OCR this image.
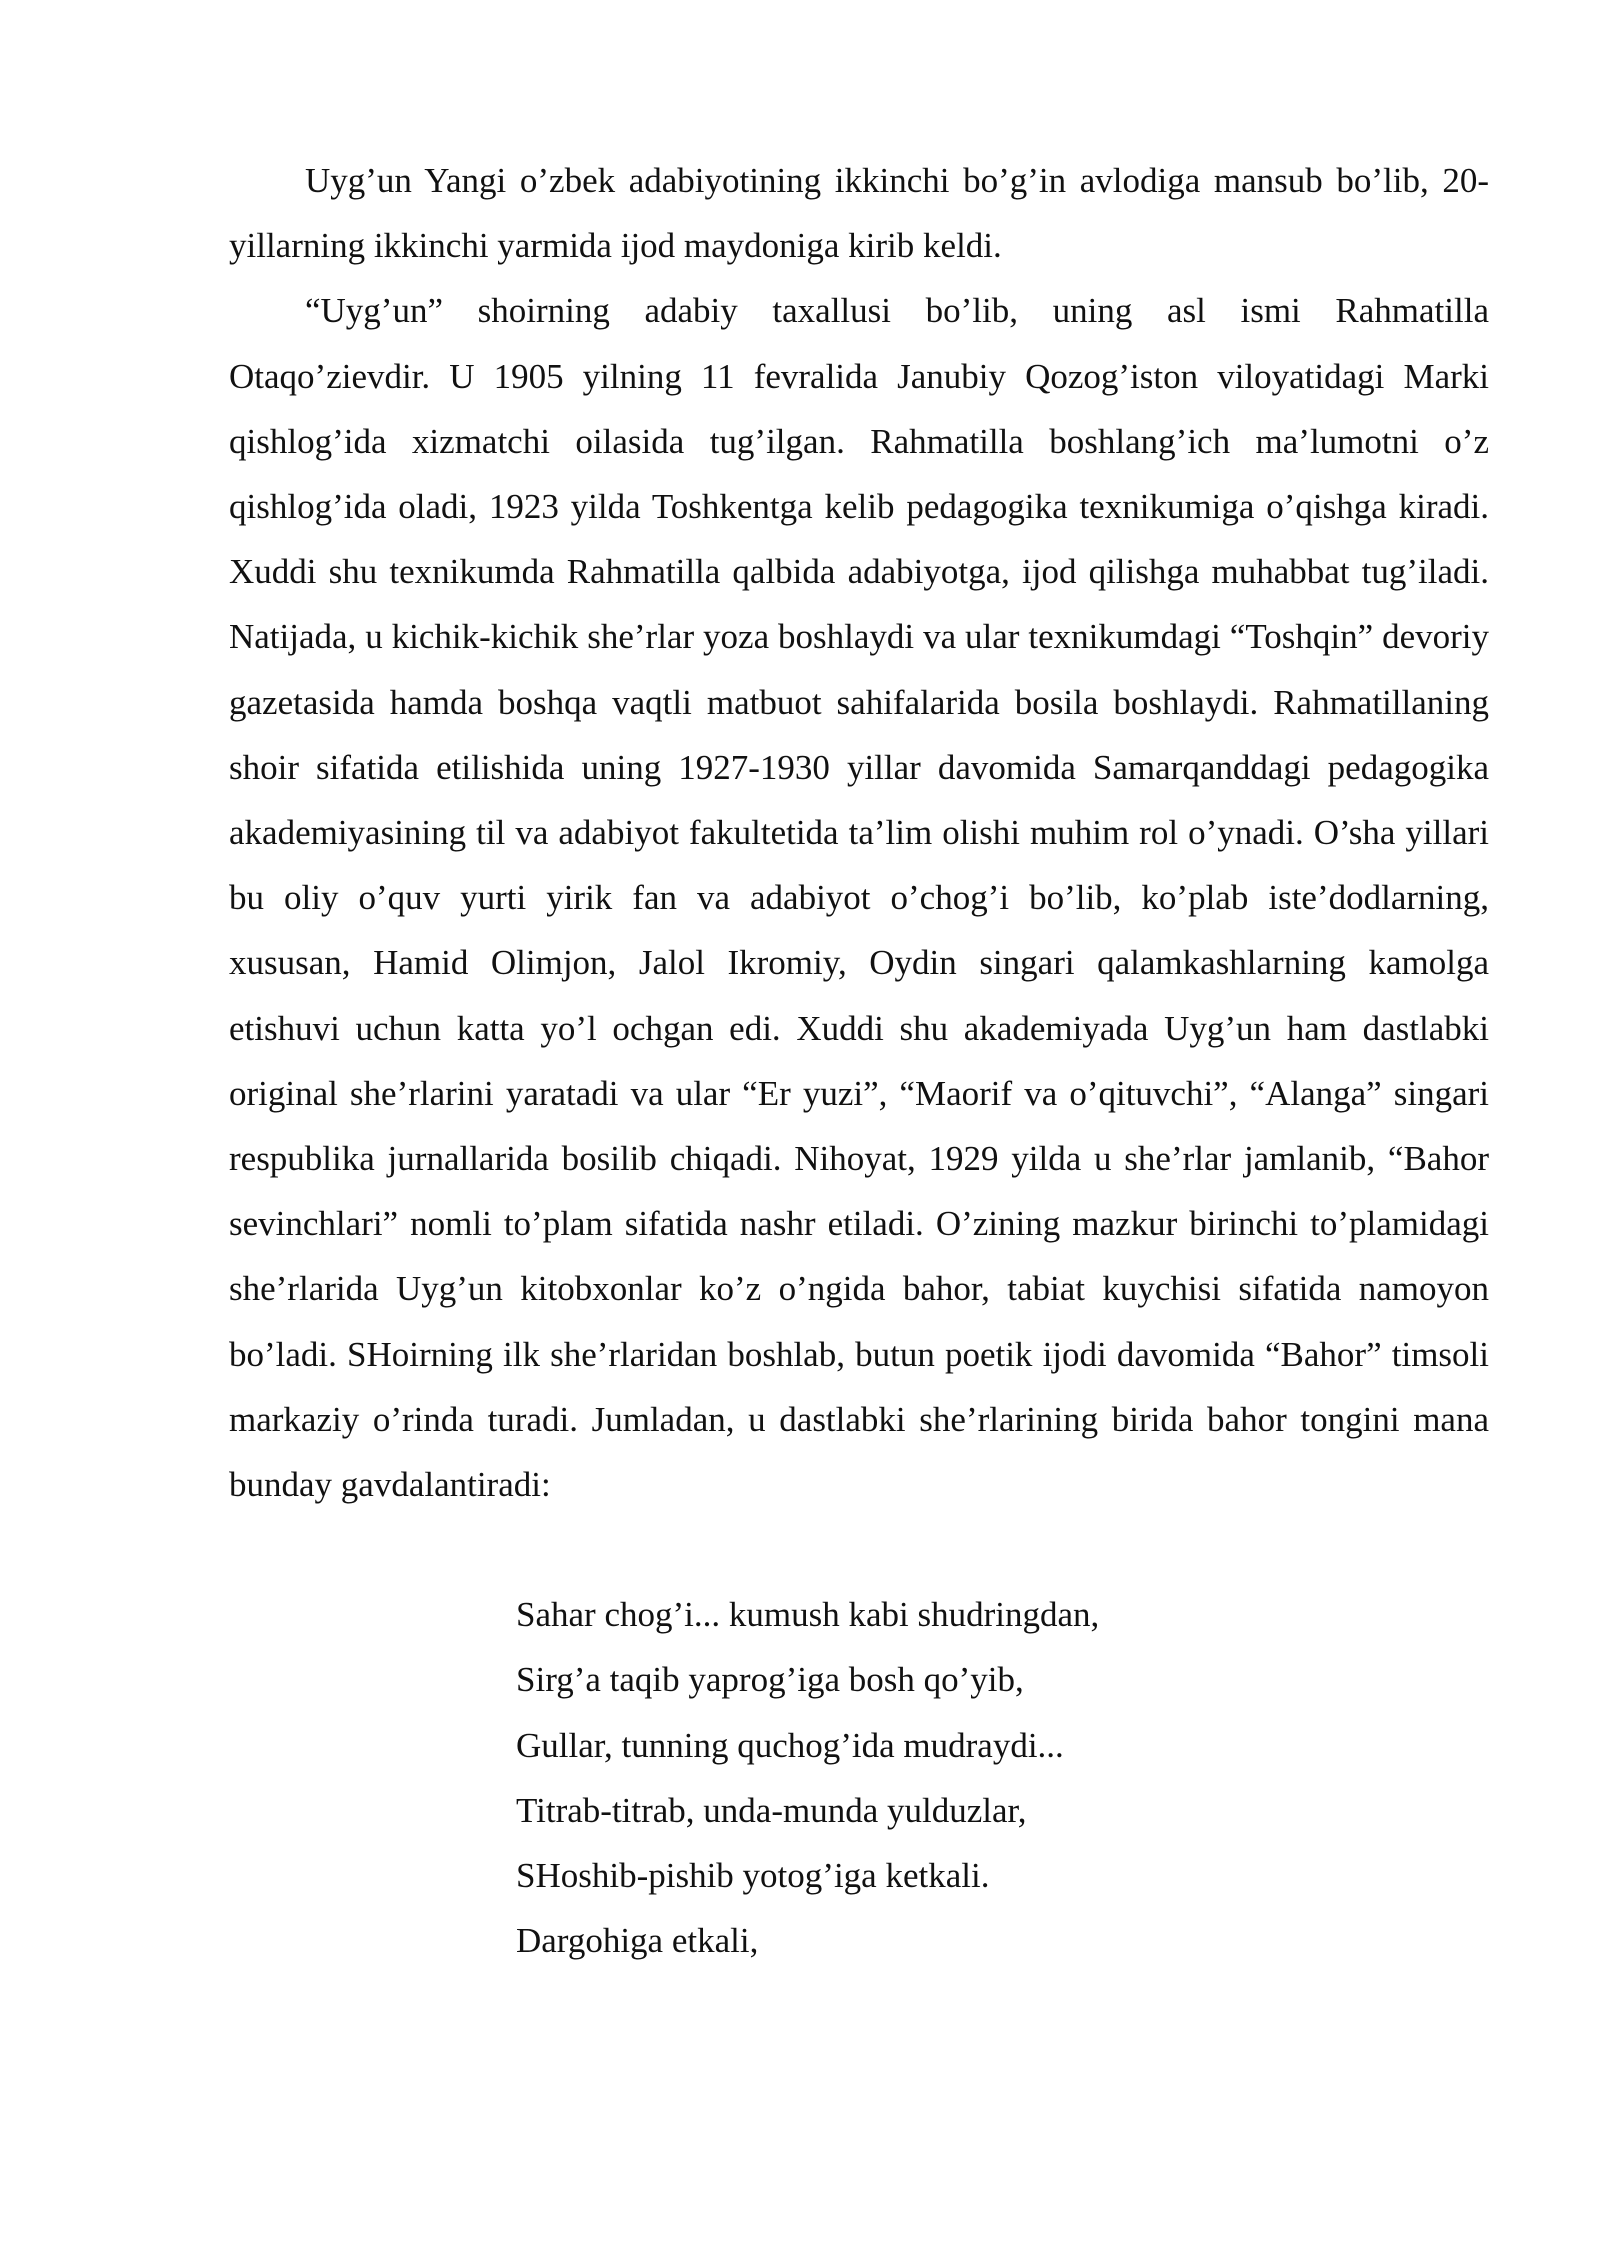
Uyg’un Yangi o’zbek adabiyotining ikkinchi bo’g’in avlodiga mansub bo’lib, 20-yillarning ikkinchi yarmida ijod maydoniga kirib keldi.

“Uyg’un” shoirning adabiy taxallusi bo’lib, uning asl ismi Rahmatilla Otaqo’zievdir. U 1905 yilning 11 fevralida Janubiy Qozog’iston viloyatidagi Marki qishlog’ida xizmatchi oilasida tug’ilgan. Rahmatilla boshlang’ich ma’lumotni o’z qishlog’ida oladi, 1923 yilda Toshkentga kelib pedagogika texnikumiga o’qishga kiradi. Xuddi shu texnikumda Rahmatilla qalbida adabiyotga, ijod qilishga muhabbat tug’iladi. Natijada, u kichik-kichik she’rlar yoza boshlaydi va ular texnikumdagi “Toshqin” devoriy gazetasida hamda boshqa vaqtli matbuot sahifalarida bosila boshlaydi. Rahmatillaning shoir sifatida etilishida uning 1927-1930 yillar davomida Samarqanddagi pedagogika akademiyasining til va adabiyot fakultetida ta’lim olishi muhim rol o’ynadi. O’sha yillari bu oliy o’quv yurti yirik fan va adabiyot o’chog’i bo’lib, ko’plab iste’dodlarning, xususan, Hamid Olimjon, Jalol Ikromiy, Oydin singari qalamkashlarning kamolga etishuvi uchun katta yo’l ochgan edi. Xuddi shu akademiyada Uyg’un ham dastlabki original she’rlarini yaratadi va ular “Er yuzi”, “Maorif va o’qituvchi”, “Alanga” singari respublika jurnallarida bosilib chiqadi. Nihoyat, 1929 yilda u she’rlar jamlanib, “Bahor sevinchlari” nomli to’plam sifatida nashr etiladi. O’zining mazkur birinchi to’plamidagi she’rlarida Uyg’un kitobxonlar ko’z o’ngida bahor, tabiat kuychisi sifatida namoyon bo’ladi. SHoirning ilk she’rlaridan boshlab, butun poetik ijodi davomida “Bahor” timsoli markaziy o’rinda turadi. Jumladan, u dastlabki she’rlarining birida bahor tongini mana bunday gavdalantiradi:

Sahar chog’i... kumush kabi shudringdan,
Sirg’a taqib yaprog’iga bosh qo’yib,
Gullar, tunning quchog’ida mudraydi...
Titrab-titrab, unda-munda yulduzlar,
SHoshib-pishib yotog’iga ketkali.
Dargohiga etkali,
